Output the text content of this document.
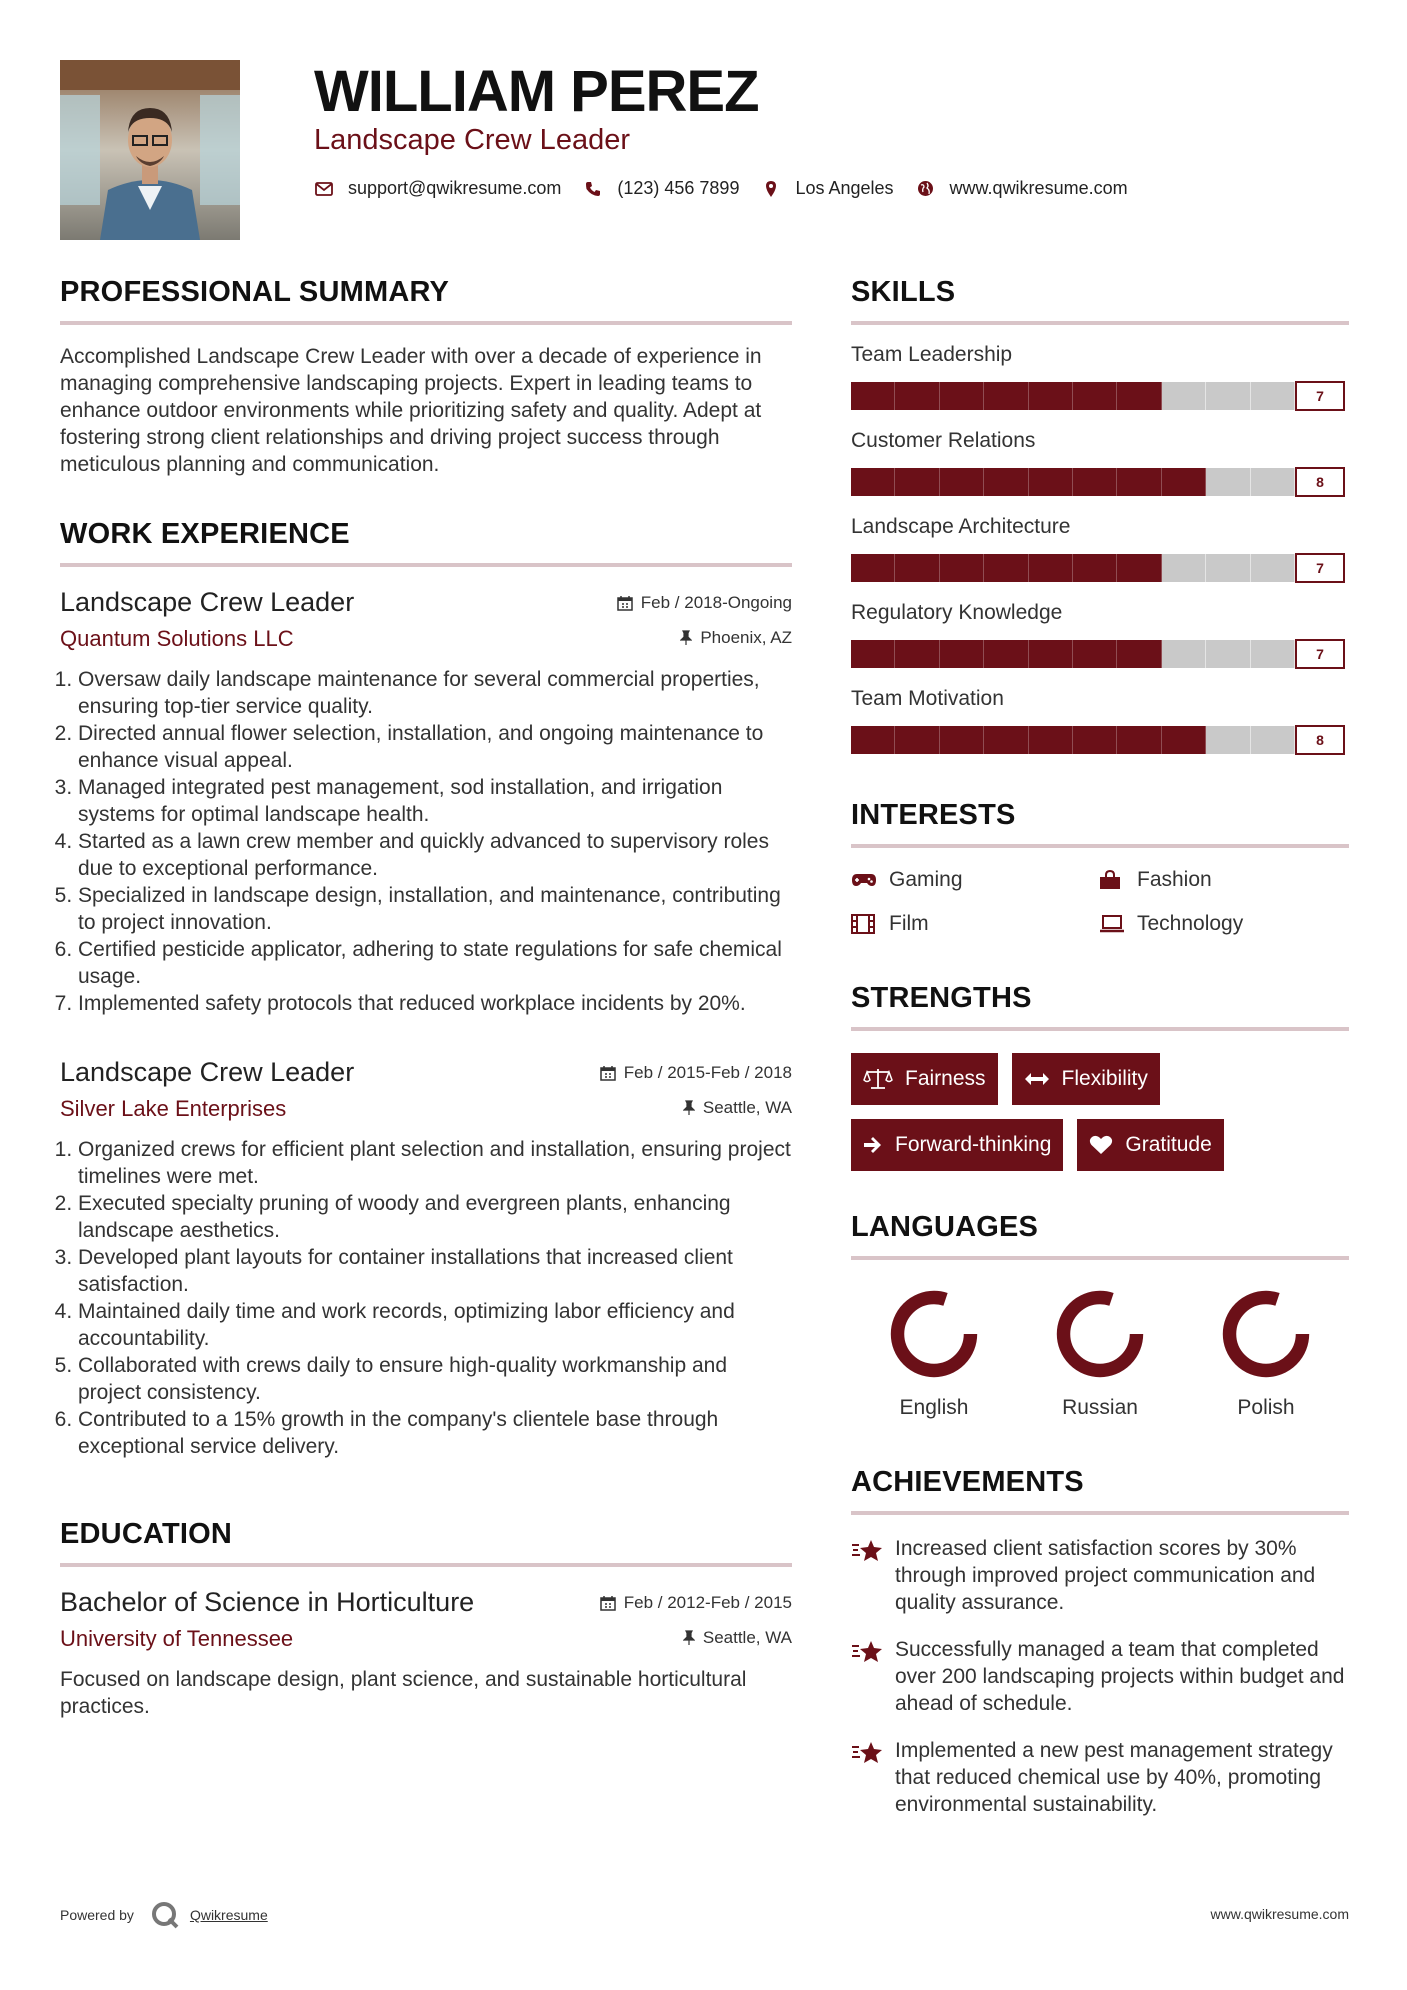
WILLIAM PEREZ
Landscape Crew Leader
support@qwikresume.com	(123) 456 7899	Los Angeles	www.qwikresume.com
PROFESSIONAL SUMMARY

Accomplished Landscape Crew Leader with over a decade of experience in managing comprehensive landscaping projects. Expert in leading teams to enhance outdoor environments while prioritizing safety and quality. Adept at fostering strong client relationships and driving project success through meticulous planning and communication.

WORK EXPERIENCE
Landscape Crew Leader	Feb / 2018-Ongoing
Quantum Solutions LLC	Phoenix, AZ
1. Oversaw daily landscape maintenance for several commercial properties, ensuring top-tier service quality.
2. Directed annual flower selection, installation, and ongoing maintenance to enhance visual appeal.
3. Managed integrated pest management, sod installation, and irrigation systems for optimal landscape health.
4. Started as a lawn crew member and quickly advanced to supervisory roles due to exceptional performance.
5. Specialized in landscape design, installation, and maintenance, contributing to project innovation.
6. Certified pesticide applicator, adhering to state regulations for safe chemical usage.
7. Implemented safety protocols that reduced workplace incidents by 20%.
Landscape Crew Leader	Feb / 2015-Feb / 2018
Silver Lake Enterprises	Seattle, WA
1. Organized crews for efficient plant selection and installation, ensuring project timelines were met.
2. Executed specialty pruning of woody and evergreen plants, enhancing landscape aesthetics.
3. Developed plant layouts for container installations that increased client satisfaction.
4. Maintained daily time and work records, optimizing labor efficiency and accountability.
5. Collaborated with crews daily to ensure high-quality workmanship and project consistency.
6. Contributed to a 15% growth in the company's clientele base through exceptional service delivery.
EDUCATION
Bachelor of Science in Horticulture	Feb / 2012-Feb / 2015
University of Tennessee	Seattle, WA

Focused on landscape design, plant science, and sustainable horticultural practices.

SKILLS
Team Leadership
7
Customer Relations
8
Landscape Architecture
7
Regulatory Knowledge
7
Team Motivation
8
INTERESTS
Gaming	Fashion
Film	Technology
STRENGTHS
Fairness	Flexibility
Forward-thinking	Gratitude
LANGUAGES
English	Russian	Polish
ACHIEVEMENTS
Increased client satisfaction scores by 30% through improved project communication and quality assurance.
Successfully managed a team that completed over 200 landscaping projects within budget and ahead of schedule.
Implemented a new pest management strategy that reduced chemical use by 40%, promoting environmental sustainability.
Powered by	Qwikresume	www.qwikresume.com
